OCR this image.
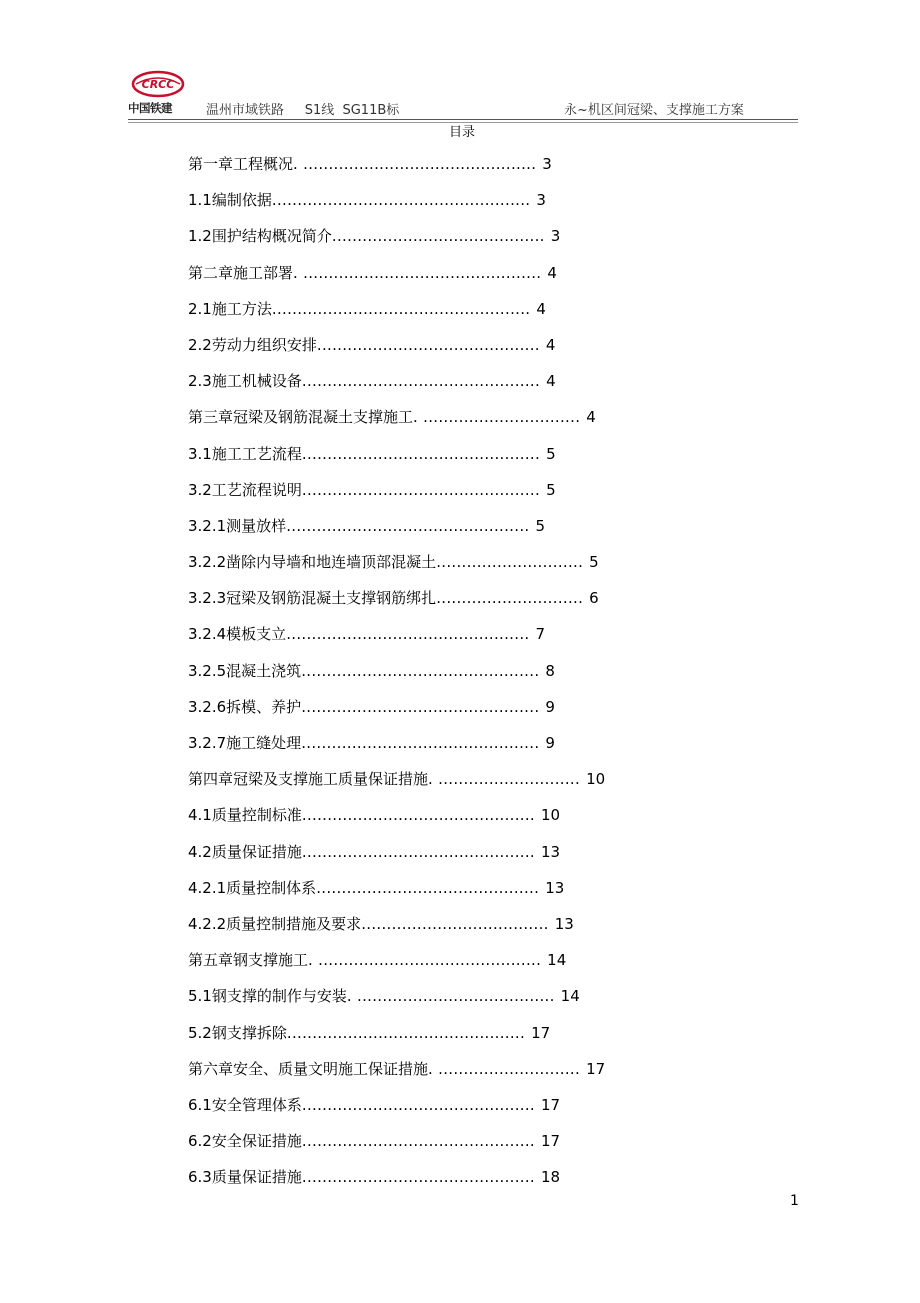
CRCC
中国铁建	温州市域铁路 S1线 SG11B标	永~机区间冠梁、支撑施工方案
目录
第一章工程概况 . .............................................. 3
1.1编制依据 ................................................... 3
1.2围护结构概况简介 .......................................... 3
第二章施工部署 . ............................................... 4
2.1施工方法 ................................................... 4
2.2劳动力组织安排 ............................................ 4
2.3施工机械设备 ............................................... 4
第三章冠梁及钢筋混凝土支撑施工 . ............................... 4
3.1施工工艺流程 ............................................... 5
3.2工艺流程说明 ............................................... 5
3.2.1测量放样 ................................................ 5
3.2.2凿除内导墙和地连墙顶部混凝土 ............................. 5
3.2.3冠梁及钢筋混凝土支撑钢筋绑扎 ............................. 6
3.2.4模板支立 ................................................ 7
3.2.5混凝土浇筑 ............................................... 8
3.2.6拆模、养护 ............................................... 9
3.2.7施工缝处理 ............................................... 9
第四章冠梁及支撑施工质量保证措施 . ............................ 10
4.1质量控制标准 .............................................. 10
4.2质量保证措施 .............................................. 13
4.2.1质量控制体系 ............................................ 13
4.2.2质量控制措施及要求 ..................................... 13
第五章钢支撑施工 . ............................................ 14
5.1钢支撑的制作与安装 . ....................................... 14
5.2钢支撑拆除 ............................................... 17
第六章安全、质量文明施工保证措施 . ............................ 17
6.1安全管理体系 .............................................. 17
6.2安全保证措施 .............................................. 17
6.3质量保证措施 .............................................. 18
1
